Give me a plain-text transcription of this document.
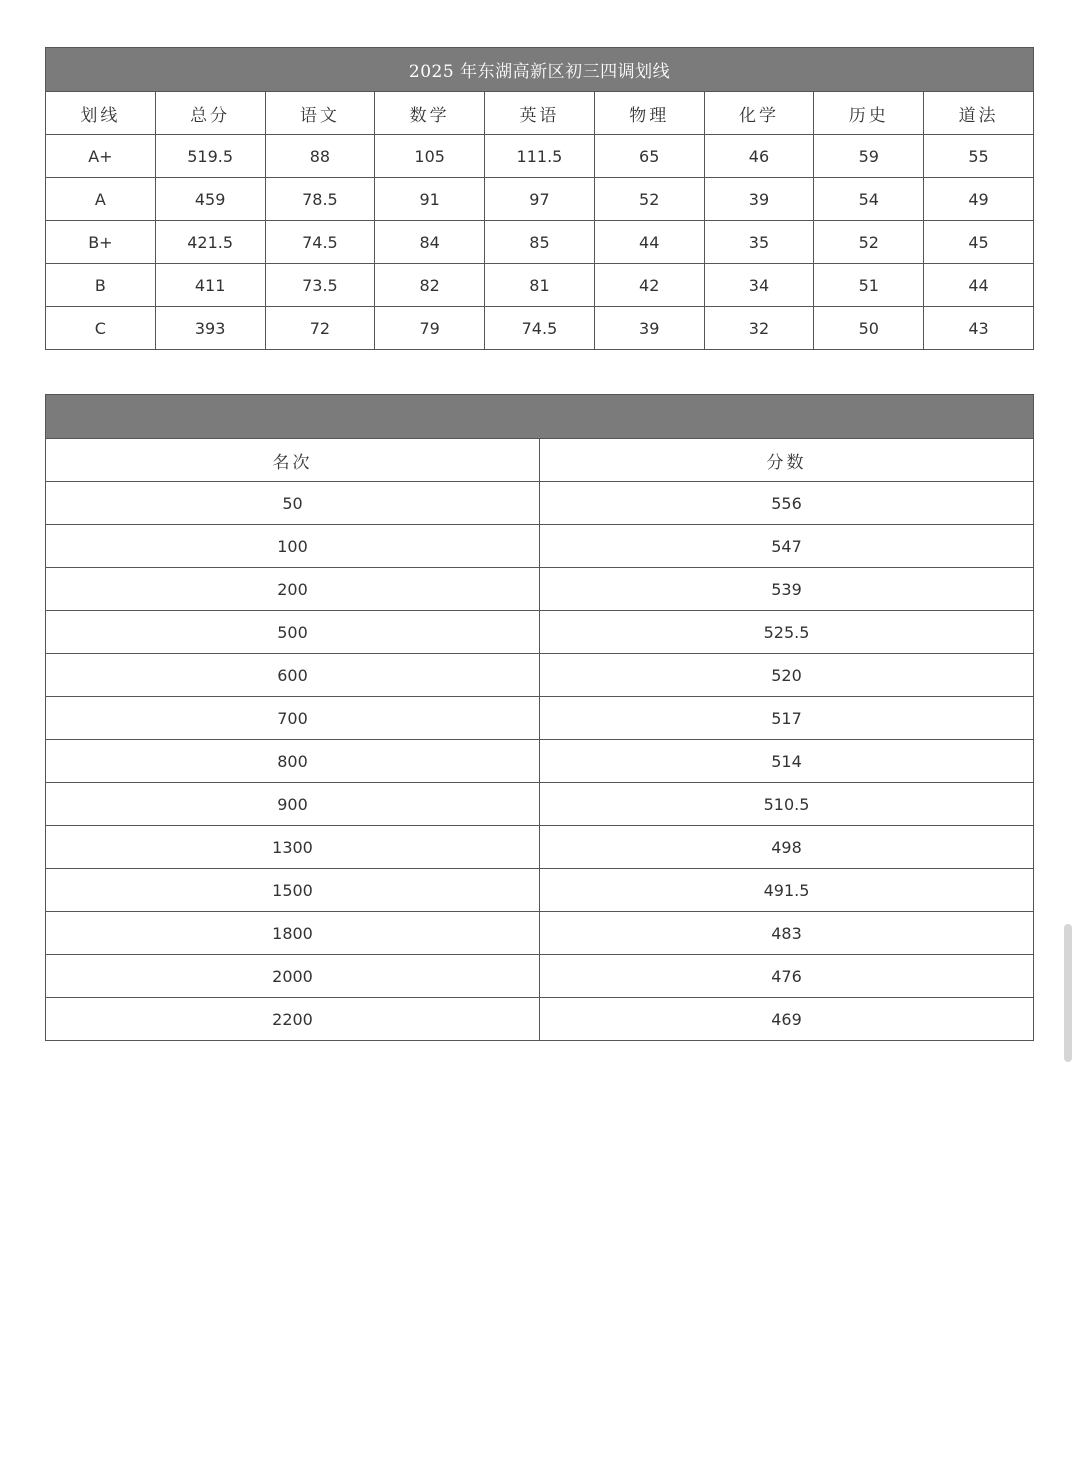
2025 年东湖高新区初三四调划线								
划线	总分	语文	数学	英语	物理	化学	历史	道法
A+	519.5	88	105	111.5	65	46	59	55
A	459	78.5	91	97	52	39	54	49
B+	421.5	74.5	84	85	44	35	52	45
B	411	73.5	82	81	42	34	51	44
C	393	72	79	74.5	39	32	50	43

名次	分数
50	556
100	547
200	539
500	525.5
600	520
700	517
800	514
900	510.5
1300	498
1500	491.5
1800	483
2000	476
2200	469
